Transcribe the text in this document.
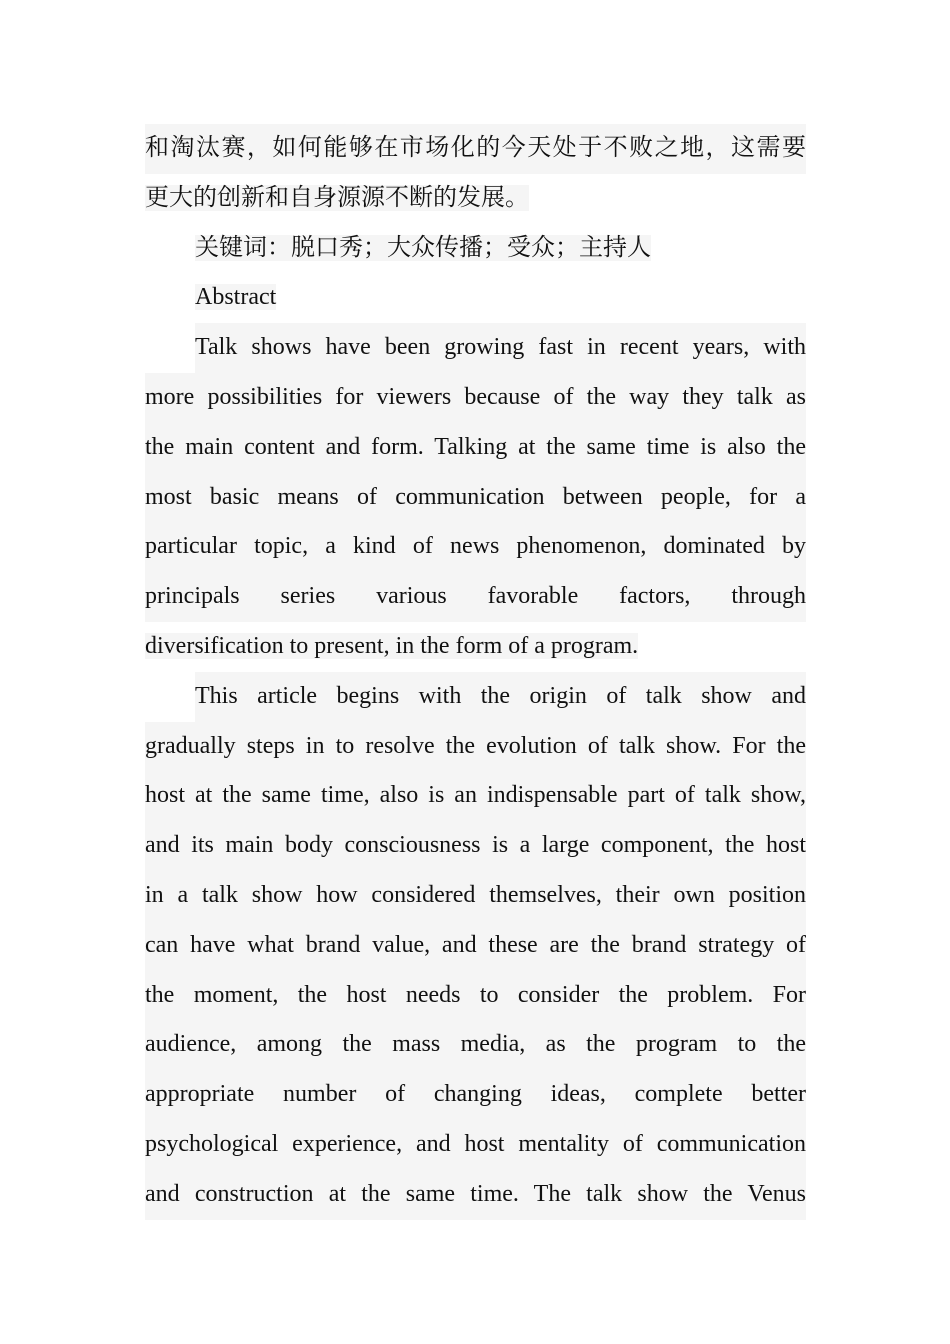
和淘汰赛，如何能够在市场化的今天处于不败之地，这需要
更大的创新和自身源源不断的发展。
关键词：脱口秀；大众传播；受众；主持人
Abstract
Talk shows have been growing fast in recent years, with
more possibilities for viewers because of the way they talk as
the main content and form. Talking at the same time is also the
most basic means of communication between people, for a
particular topic, a kind of news phenomenon, dominated by
principals series various favorable factors, through
diversification to present, in the form of a program.
This article begins with the origin of talk show and
gradually steps in to resolve the evolution of talk show. For the
host at the same time, also is an indispensable part of talk show,
and its main body consciousness is a large component, the host
in a talk show how considered themselves, their own position
can have what brand value, and these are the brand strategy of
the moment, the host needs to consider the problem. For
audience, among the mass media, as the program to the
appropriate number of changing ideas, complete better
psychological experience, and host mentality of communication
and construction at the same time. The talk show the Venus
